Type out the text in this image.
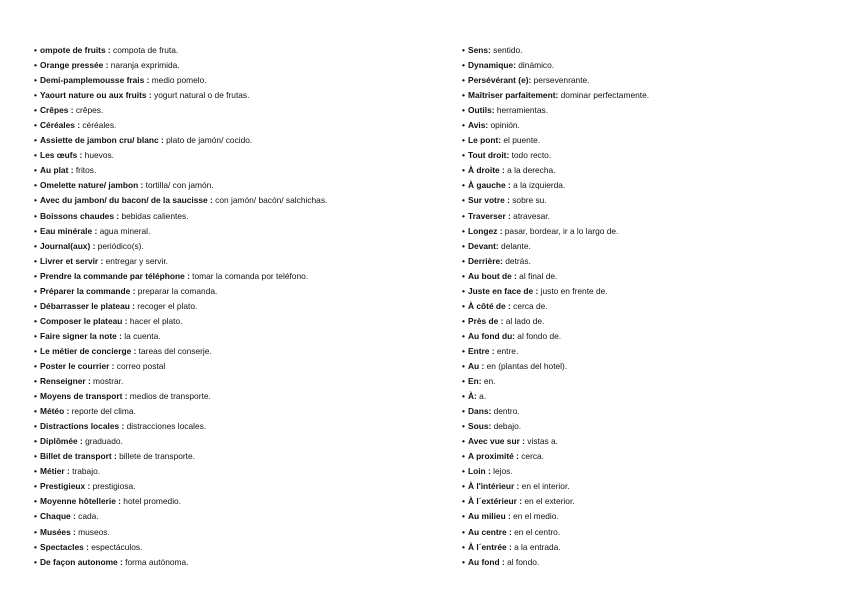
• ompote de fruits : compota de fruta.
• Orange pressée : naranja exprimida.
• Demi-pamplemousse frais : medio pomelo.
• Yaourt nature ou aux fruits : yogurt natural o de frutas.
• Crêpes : crêpes.
• Céréales : céréales.
• Assiette de jambon cru/ blanc : plato de jamón/ cocido.
• Les œufs : huevos.
• Au plat : fritos.
• Omelette nature/ jambon : tortilla/ con jamón.
• Avec du jambon/ du bacon/ de la saucisse : con jamón/ bacón/ salchichas.
• Boissons chaudes : bebidas calientes.
• Eau minérale : agua mineral.
• Journal(aux) : periódico(s).
• Livrer et servir : entregar y servir.
• Prendre la commande par téléphone : tomar la comanda por teléfono.
• Préparer la commande : preparar la comanda.
• Débarrasser le plateau : recoger el plato.
• Composer le plateau : hacer el plato.
• Faire signer la note : la cuenta.
• Le métier de concierge : tareas del conserje.
• Poster le courrier : correo postal
• Renseigner : mostrar.
• Moyens de transport : medios de transporte.
• Météo : reporte del clima.
• Distractions locales : distracciones locales.
• Diplômée : graduado.
• Billet de transport : billete de transporte.
• Métier : trabajo.
• Prestigieux : prestigiosa.
• Moyenne hôtellerie : hotel promedio.
• Chaque : cada.
• Musées : museos.
• Spectacles : espectáculos.
• De façon autonome : forma autónoma.
• Sens: sentido.
• Dynamique: dinámico.
• Persévérant (e): persevenrante.
• Maîtriser parfaitement: dominar perfectamente.
• Outils: herramientas.
• Avis: opinión.
• Le pont: el puente.
• Tout droit: todo recto.
• À droite : a la derecha.
• À gauche : a la izquierda.
• Sur votre : sobre su.
• Traverser : atravesar.
• Longez : pasar, bordear, ir a lo largo de.
• Devant: delante.
• Derrière: detrás.
• Au bout de : al final de.
• Juste en face de : justo en frente de.
• À côté de : cerca de.
• Près de : al lado de.
• Au fond du: al fondo de.
• Entre : entre.
• Au : en (plantas del hotel).
• En: en.
• À: a.
• Dans: dentro.
• Sous: debajo.
• Avec vue sur : vistas a.
• A proximité : cerca.
• Loin : lejos.
• À l'intérieur : en el interior.
• À l´extérieur : en el exterior.
• Au milieu : en el medio.
• Au centre : en el centro.
• À l´entrée : a la entrada.
• Au fond : al fondo.
